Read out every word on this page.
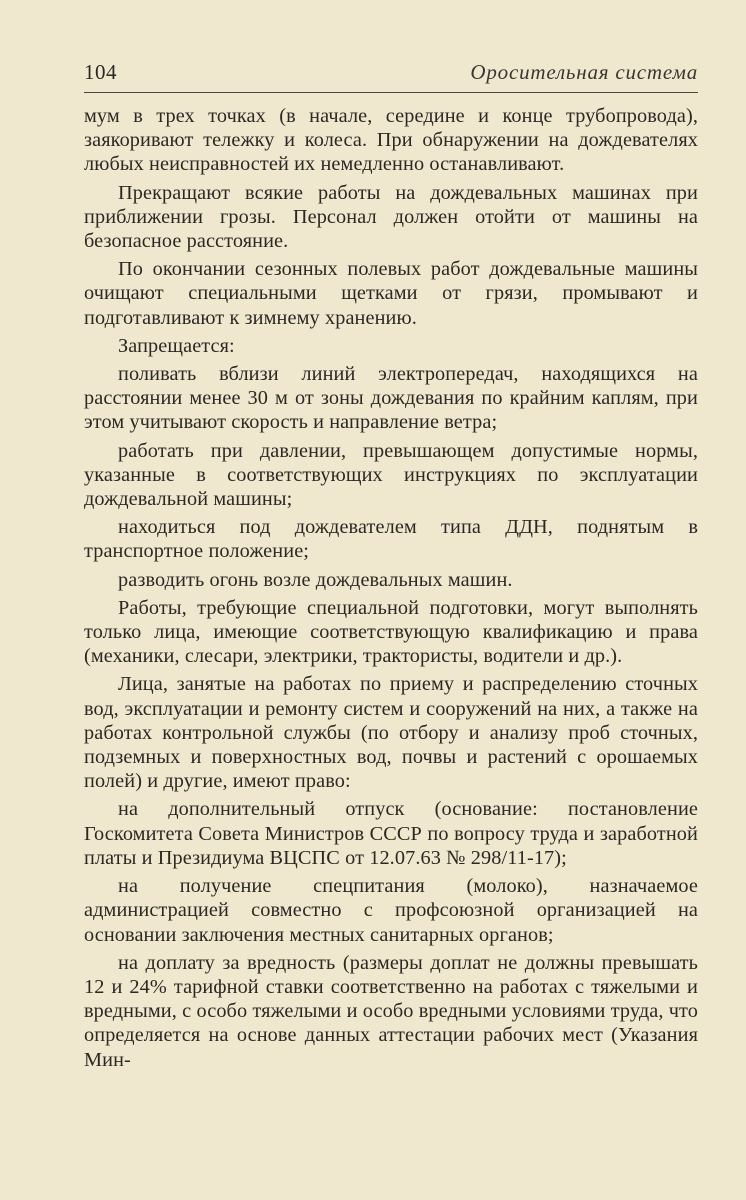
104	Оросительная система

мум в трех точках (в начале, середине и конце трубопровода), заякоривают тележку и колеса. При обнаружении на дождевателях любых неисправностей их немедленно останавливают.

Прекращают всякие работы на дождевальных машинах при приближении грозы. Персонал должен отойти от машины на безопасное расстояние.

По окончании сезонных полевых работ дождевальные машины очищают специальными щетками от грязи, промывают и подготавливают к зимнему хранению.

Запрещается:

поливать вблизи линий электропередач, находящихся на расстоянии менее 30 м от зоны дождевания по крайним каплям, при этом учитывают скорость и направление ветра;

работать при давлении, превышающем допустимые нормы, указанные в соответствующих инструкциях по эксплуатации дождевальной машины;

находиться под дождевателем типа ДДН, поднятым в транспортное положение;

разводить огонь возле дождевальных машин.

Работы, требующие специальной подготовки, могут выполнять только лица, имеющие соответствующую квалификацию и права (механики, слесари, электрики, трактористы, водители и др.).

Лица, занятые на работах по приему и распределению сточных вод, эксплуатации и ремонту систем и сооружений на них, а также на работах контрольной службы (по отбору и анализу проб сточных, подземных и поверхностных вод, почвы и растений с орошаемых полей) и другие, имеют право:

на дополнительный отпуск (основание: постановление Госкомитета Совета Министров СССР по вопросу труда и заработной платы и Президиума ВЦСПС от 12.07.63 № 298/11-17);

на получение спецпитания (молоко), назначаемое администрацией совместно с профсоюзной организацией на основании заключения местных санитарных органов;

на доплату за вредность (размеры доплат не должны превышать 12 и 24% тарифной ставки соответственно на работах с тяжелыми и вредными, с особо тяжелыми и особо вредными условиями труда, что определяется на основе данных аттестации рабочих мест (Указания Мин-
